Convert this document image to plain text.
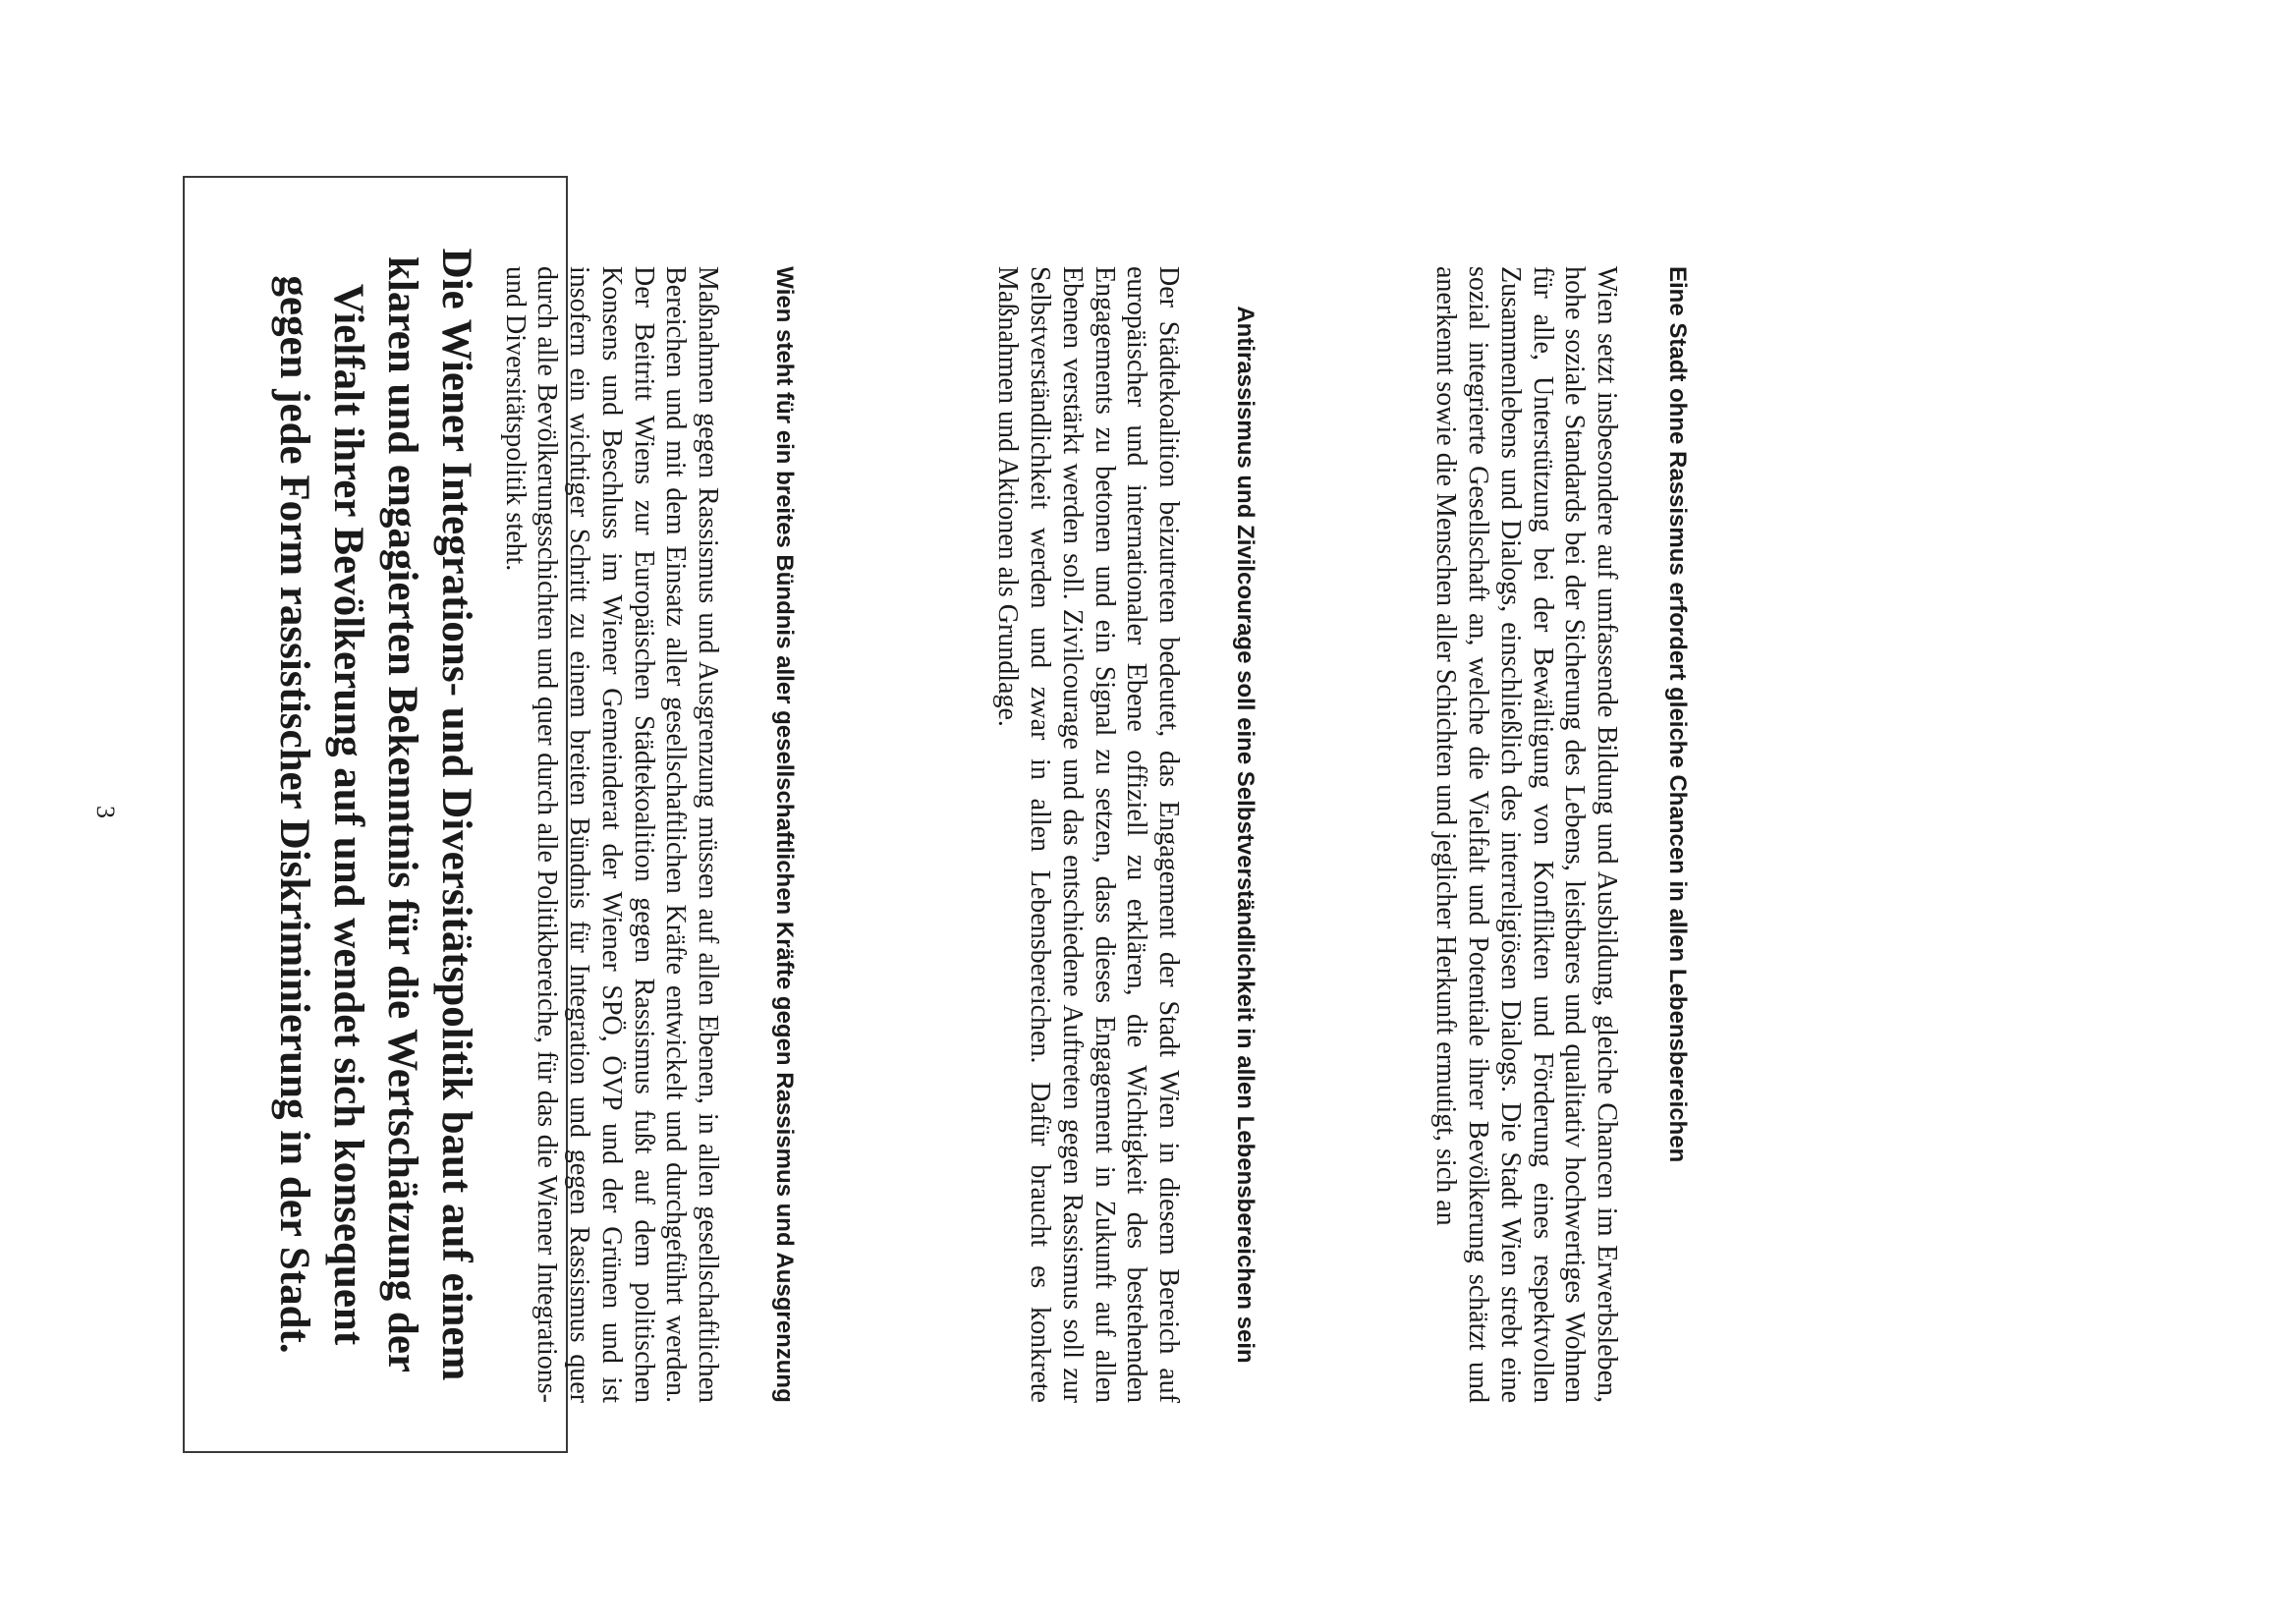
Die Wiener Integrations- und Diversitätspolitik baut auf einem klaren und engagierten Bekenntnis für die Wertschätzung der Vielfalt ihrer Bevölkerung auf und wendet sich konsequent gegen jede Form rassistischer Diskriminierung in der Stadt.	Wien steht für ein breites Bündnis aller gesellschaftlichen Kräfte gegen Rassismus und Ausgrenzung

Maßnahmen gegen Rassismus und Ausgrenzung müssen auf allen Ebenen, in allen gesellschaftlichen Bereichen und mit dem Einsatz aller gesellschaftlichen Kräfte entwickelt und durchgeführt werden. Der Beitritt Wiens zur Europäischen Städtekoalition gegen Rassismus fußt auf dem politischen Konsens und Beschluss im Wiener Gemeinderat der Wiener SPÖ, ÖVP und der Grünen und ist insofern ein wichtiger Schritt zu einem breiten Bündnis für Integration und gegen Rassismus quer durch alle Bevölkerungsschichten und quer durch alle Politikbereiche, für das die Wiener Integrations- und Diversitätspolitik steht.	Antirassismus und Zivilcourage soll eine Selbstverständlichkeit in allen Lebensbereichen sein

Der Städtekoalition beizutreten bedeutet, das Engagement der Stadt Wien in diesem Bereich auf europäischer und internationaler Ebene offiziell zu erklären, die Wichtigkeit des bestehenden Engagements zu betonen und ein Signal zu setzen, dass dieses Engagement in Zukunft auf allen Ebenen verstärkt werden soll. Zivilcourage und das entschiedene Auftreten gegen Rassismus soll zur Selbstverständlichkeit werden und zwar in allen Lebensbereichen. Dafür braucht es konkrete Maßnahmen und Aktionen als Grundlage.	Eine Stadt ohne Rassismus erfordert gleiche Chancen in allen Lebensbereichen

Wien setzt insbesondere auf umfassende Bildung und Ausbildung, gleiche Chancen im Erwerbsleben, hohe soziale Standards bei der Sicherung des Lebens, leistbares und qualitativ hochwertiges Wohnen für alle, Unterstützung bei der Bewältigung von Konflikten und Förderung eines respektvollen Zusammenlebens und Dialogs, einschließlich des interreligiösen Dialogs. Die Stadt Wien strebt eine sozial integrierte Gesellschaft an, welche die Vielfalt und Potentiale ihrer Bevölkerung schätzt und anerkennt sowie die Menschen aller Schichten und jeglicher Herkunft ermutigt, sich an

3
